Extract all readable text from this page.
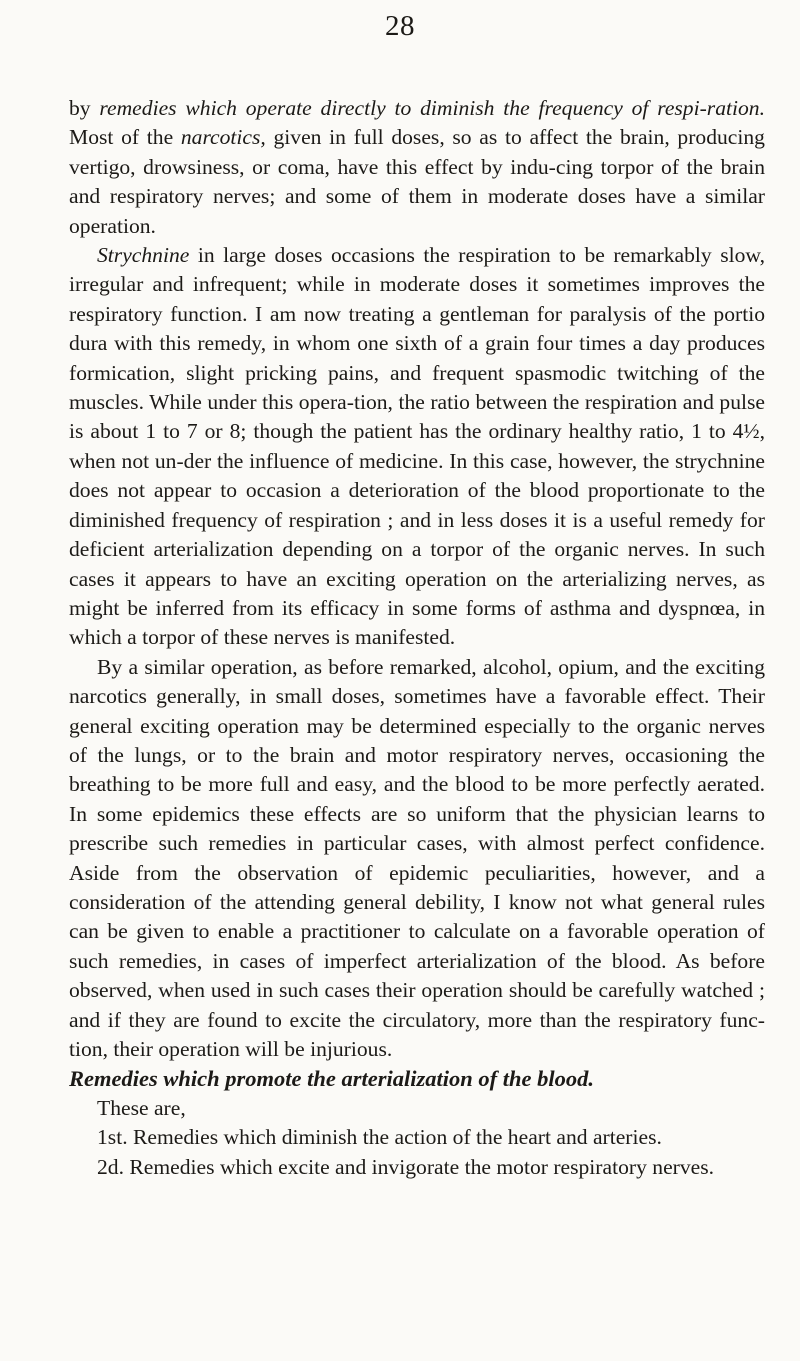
28

by remedies which operate directly to diminish the frequency of respi-ration. Most of the narcotics, given in full doses, so as to affect the brain, producing vertigo, drowsiness, or coma, have this effect by indu-cing torpor of the brain and respiratory nerves; and some of them in moderate doses have a similar operation.

Strychnine in large doses occasions the respiration to be remarkably slow, irregular and infrequent; while in moderate doses it sometimes improves the respiratory function. I am now treating a gentleman for paralysis of the portio dura with this remedy, in whom one sixth of a grain four times a day produces formication, slight pricking pains, and frequent spasmodic twitching of the muscles. While under this opera-tion, the ratio between the respiration and pulse is about 1 to 7 or 8; though the patient has the ordinary healthy ratio, 1 to 4½, when not un-der the influence of medicine. In this case, however, the strychnine does not appear to occasion a deterioration of the blood proportionate to the diminished frequency of respiration ; and in less doses it is a useful remedy for deficient arterialization depending on a torpor of the organic nerves. In such cases it appears to have an exciting operation on the arterializing nerves, as might be inferred from its efficacy in some forms of asthma and dyspnœa, in which a torpor of these nerves is manifested.

By a similar operation, as before remarked, alcohol, opium, and the exciting narcotics generally, in small doses, sometimes have a favorable effect. Their general exciting operation may be determined especially to the organic nerves of the lungs, or to the brain and motor respiratory nerves, occasioning the breathing to be more full and easy, and the blood to be more perfectly aerated. In some epidemics these effects are so uniform that the physician learns to prescribe such remedies in particular cases, with almost perfect confidence. Aside from the observation of epidemic peculiarities, however, and a consideration of the attending general debility, I know not what general rules can be given to enable a practitioner to calculate on a favorable operation of such remedies, in cases of imperfect arterialization of the blood. As before observed, when used in such cases their operation should be carefully watched ; and if they are found to excite the circulatory, more than the respiratory func-tion, their operation will be injurious.

Remedies which promote the arterialization of the blood.

These are,

1st. Remedies which diminish the action of the heart and arteries.

2d. Remedies which excite and invigorate the motor respiratory nerves.
